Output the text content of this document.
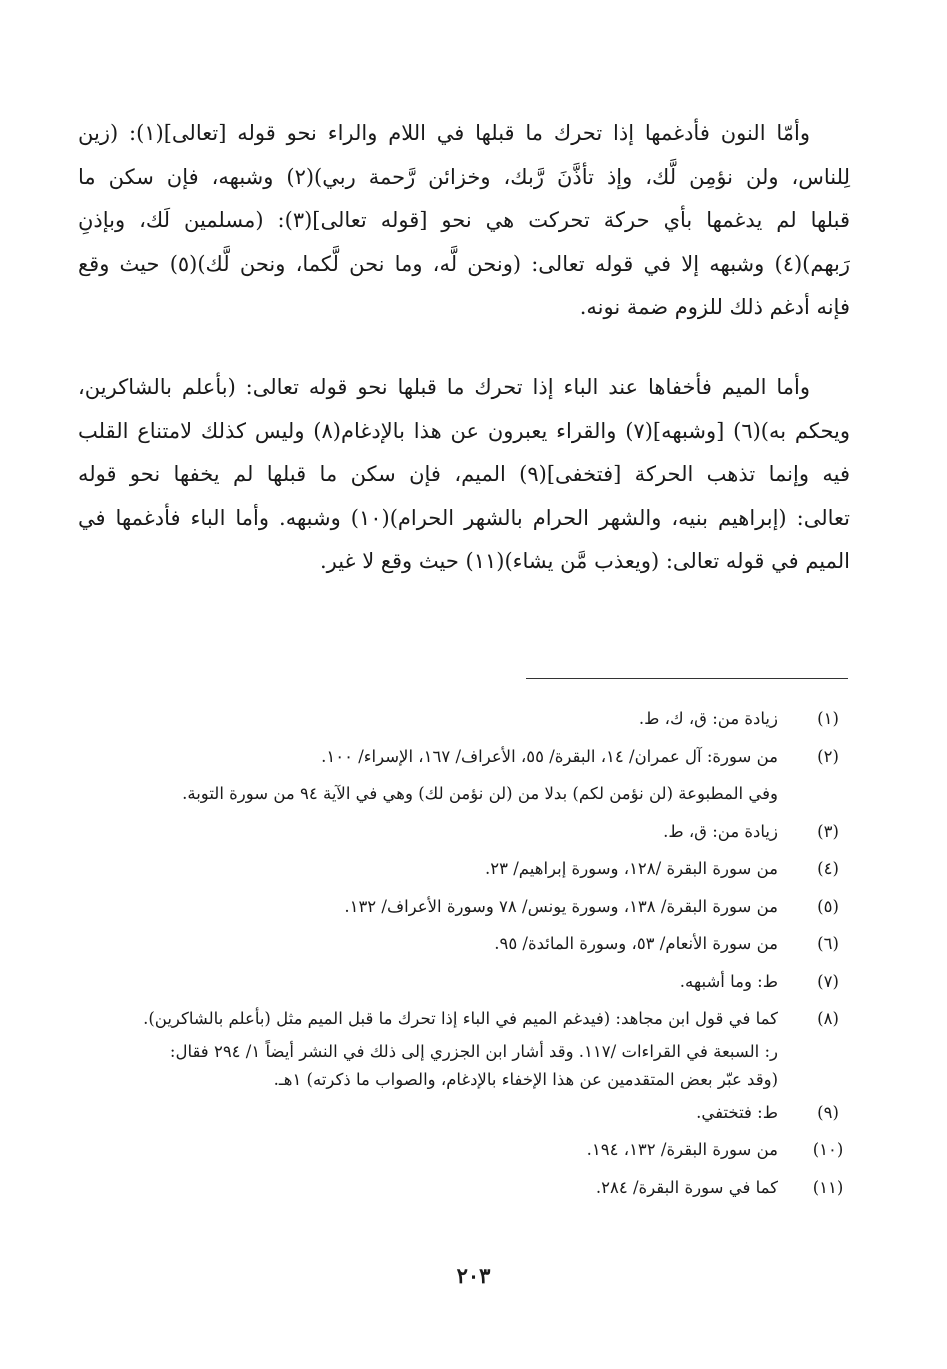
وأمّا النون فأدغمها إذا تحرك ما قبلها في اللام والراء نحو قوله [تعالى](١): (زين
لِلناس، ولن نؤمِن لَّك، وإذ تأذَّنَ رَّبك، وخزائن رَّحمة ربي)(٢) وشبهه، فإن سكن ما
قبلها لم يدغمها بأي حركة تحركت هي نحو [قوله تعالى](٣): (مسلمين لَك، وبإذنِ
رَبهم)(٤) وشبهه إلا في قوله تعالى: (ونحن لَّه، وما نحن لَّكما، ونحن لَّك)(٥) حيث وقع
فإنه أدغم ذلك للزوم ضمة نونه.

وأما الميم فأخفاها عند الباء إذا تحرك ما قبلها نحو قوله تعالى: (بأعلم بالشاكرين،
ويحكم به)(٦) [وشبهه](٧) والقراء يعبرون عن هذا بالإدغام(٨) وليس كذلك لامتناع القلب
فيه وإنما تذهب الحركة [فتخفى](٩) الميم، فإن سكن ما قبلها لم يخفها نحو قوله
تعالى: (إبراهيم بنيه، والشهر الحرام بالشهر الحرام)(١٠) وشبهه. وأما الباء فأدغمها في
الميم في قوله تعالى: (ويعذب مَّن يشاء)(١١) حيث وقع لا غير.

(١)
زيادة من: ق، ك، ط.
(٢)
من سورة: آل عمران/ ١٤، البقرة/ ٥٥، الأعراف/ ١٦٧، الإسراء/ ١٠٠.
وفي المطبوعة (لن نؤمن لكم) بدلا من (لن نؤمن لك) وهي في الآية ٩٤ من سورة التوبة.
(٣)
زيادة من: ق، ط.
(٤)
من سورة البقرة /١٢٨، وسورة إبراهيم/ ٢٣.
(٥)
من سورة البقرة/ ١٣٨، وسورة يونس/ ٧٨ وسورة الأعراف/ ١٣٢.
(٦)
من سورة الأنعام/ ٥٣، وسورة المائدة/ ٩٥.
(٧)
ط: وما أشبهه.
(٨)
كما في قول ابن مجاهد: (فيدغم الميم في الباء إذا تحرك ما قبل الميم مثل (بأعلم بالشاكرين).
ر: السبعة في القراءات /١١٧. وقد أشار ابن الجزري إلى ذلك في النشر أيضاً ١/ ٢٩٤ فقال:
(وقد عبّر بعض المتقدمين عن هذا الإخفاء بالإدغام، والصواب ما ذكرته) ١هـ.
(٩)
ط: فتختفي.
(١٠)
من سورة البقرة/ ١٣٢، ١٩٤.
(١١)
كما في سورة البقرة/ ٢٨٤.
٢٠٣
